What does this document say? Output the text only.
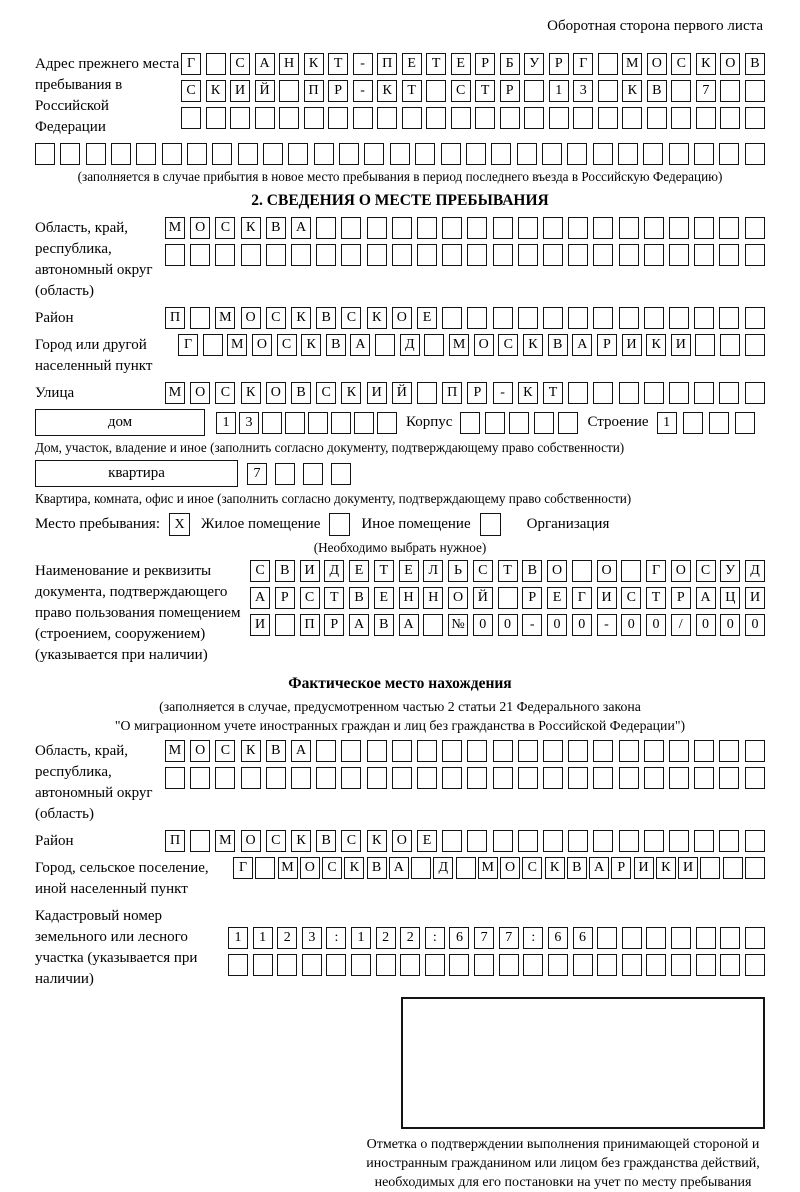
Оборотная сторона первого листа
Адрес прежнего места пребывания в Российской Федерации
Г	С	А	Н	К	Т	-	П	Е	Т	Е	Р	Б	У	Р	Г	М О	С	К	О	В
С	К	И	Й	П	Р	-	К	Т	С	Т	Р	1	3	К	В	7
(заполняется в случае прибытия в новое место пребывания в период последнего въезда в Российскую Федерацию)
2. СВЕДЕНИЯ О МЕСТЕ ПРЕБЫВАНИЯ
Область, край, республика, автономный округ (область)
М О	С	К	В	А
Район	П	М О	С	К	В	С	К	О	Е
Город или другой населенный пункт
Г	М О	С	К	В	А	Д	М О	С	К	В	А	Р	И	К	И
Улица	М О	С	К	О	В	С	К	И	Й	П	Р	-	К	Т
дом	1	3	Корпус	Строение	1
Дом, участок, владение и иное (заполнить согласно документу, подтверждающему право собственности)
квартира	7
Квартира, комната, офис и иное (заполнить согласно документу, подтверждающему право собственности)
Место пребывания:	X	Жилое помещение	Иное помещение	Организация
(Необходимо выбрать нужное)
Наименование и реквизиты документа, подтверждающего право пользования помещением (строением, сооружением) (указывается при наличии)
С	В	И	Д	Е	Т	Е	Л	Ь	С	Т	В	О	О	Г	О	С	У	Д
А	Р	С	Т	В	Е	Н	Н	О	Й	Р	Е	Г	И	С	Т	Р	А	Ц	И
И	П	Р	А	В	А	№	0	0	-	0	0	-	0	0	/	0	0	0
Фактическое место нахождения
(заполняется в случае, предусмотренном частью 2 статьи 21 Федерального закона
"О миграционном учете иностранных граждан и лиц без гражданства в Российской Федерации")
Область, край, республика, автономный округ (область)
М О	С	К	В	А
Район	П	М О	С	К	В	С	К	О	Е
Город, сельское поселение, иной населенный пункт
Г	М О С К В А	Д	М О С К В А Р И К И
Кадастровый номер земельного или лесного участка (указывается при наличии)
1	1	2	3	:	1	2	2	:	6	7	7	:	6	6
Отметка о подтверждении выполнения принимающей стороной и иностранным гражданином или лицом без гражданства действий, необходимых для его постановки на учет по месту пребывания
